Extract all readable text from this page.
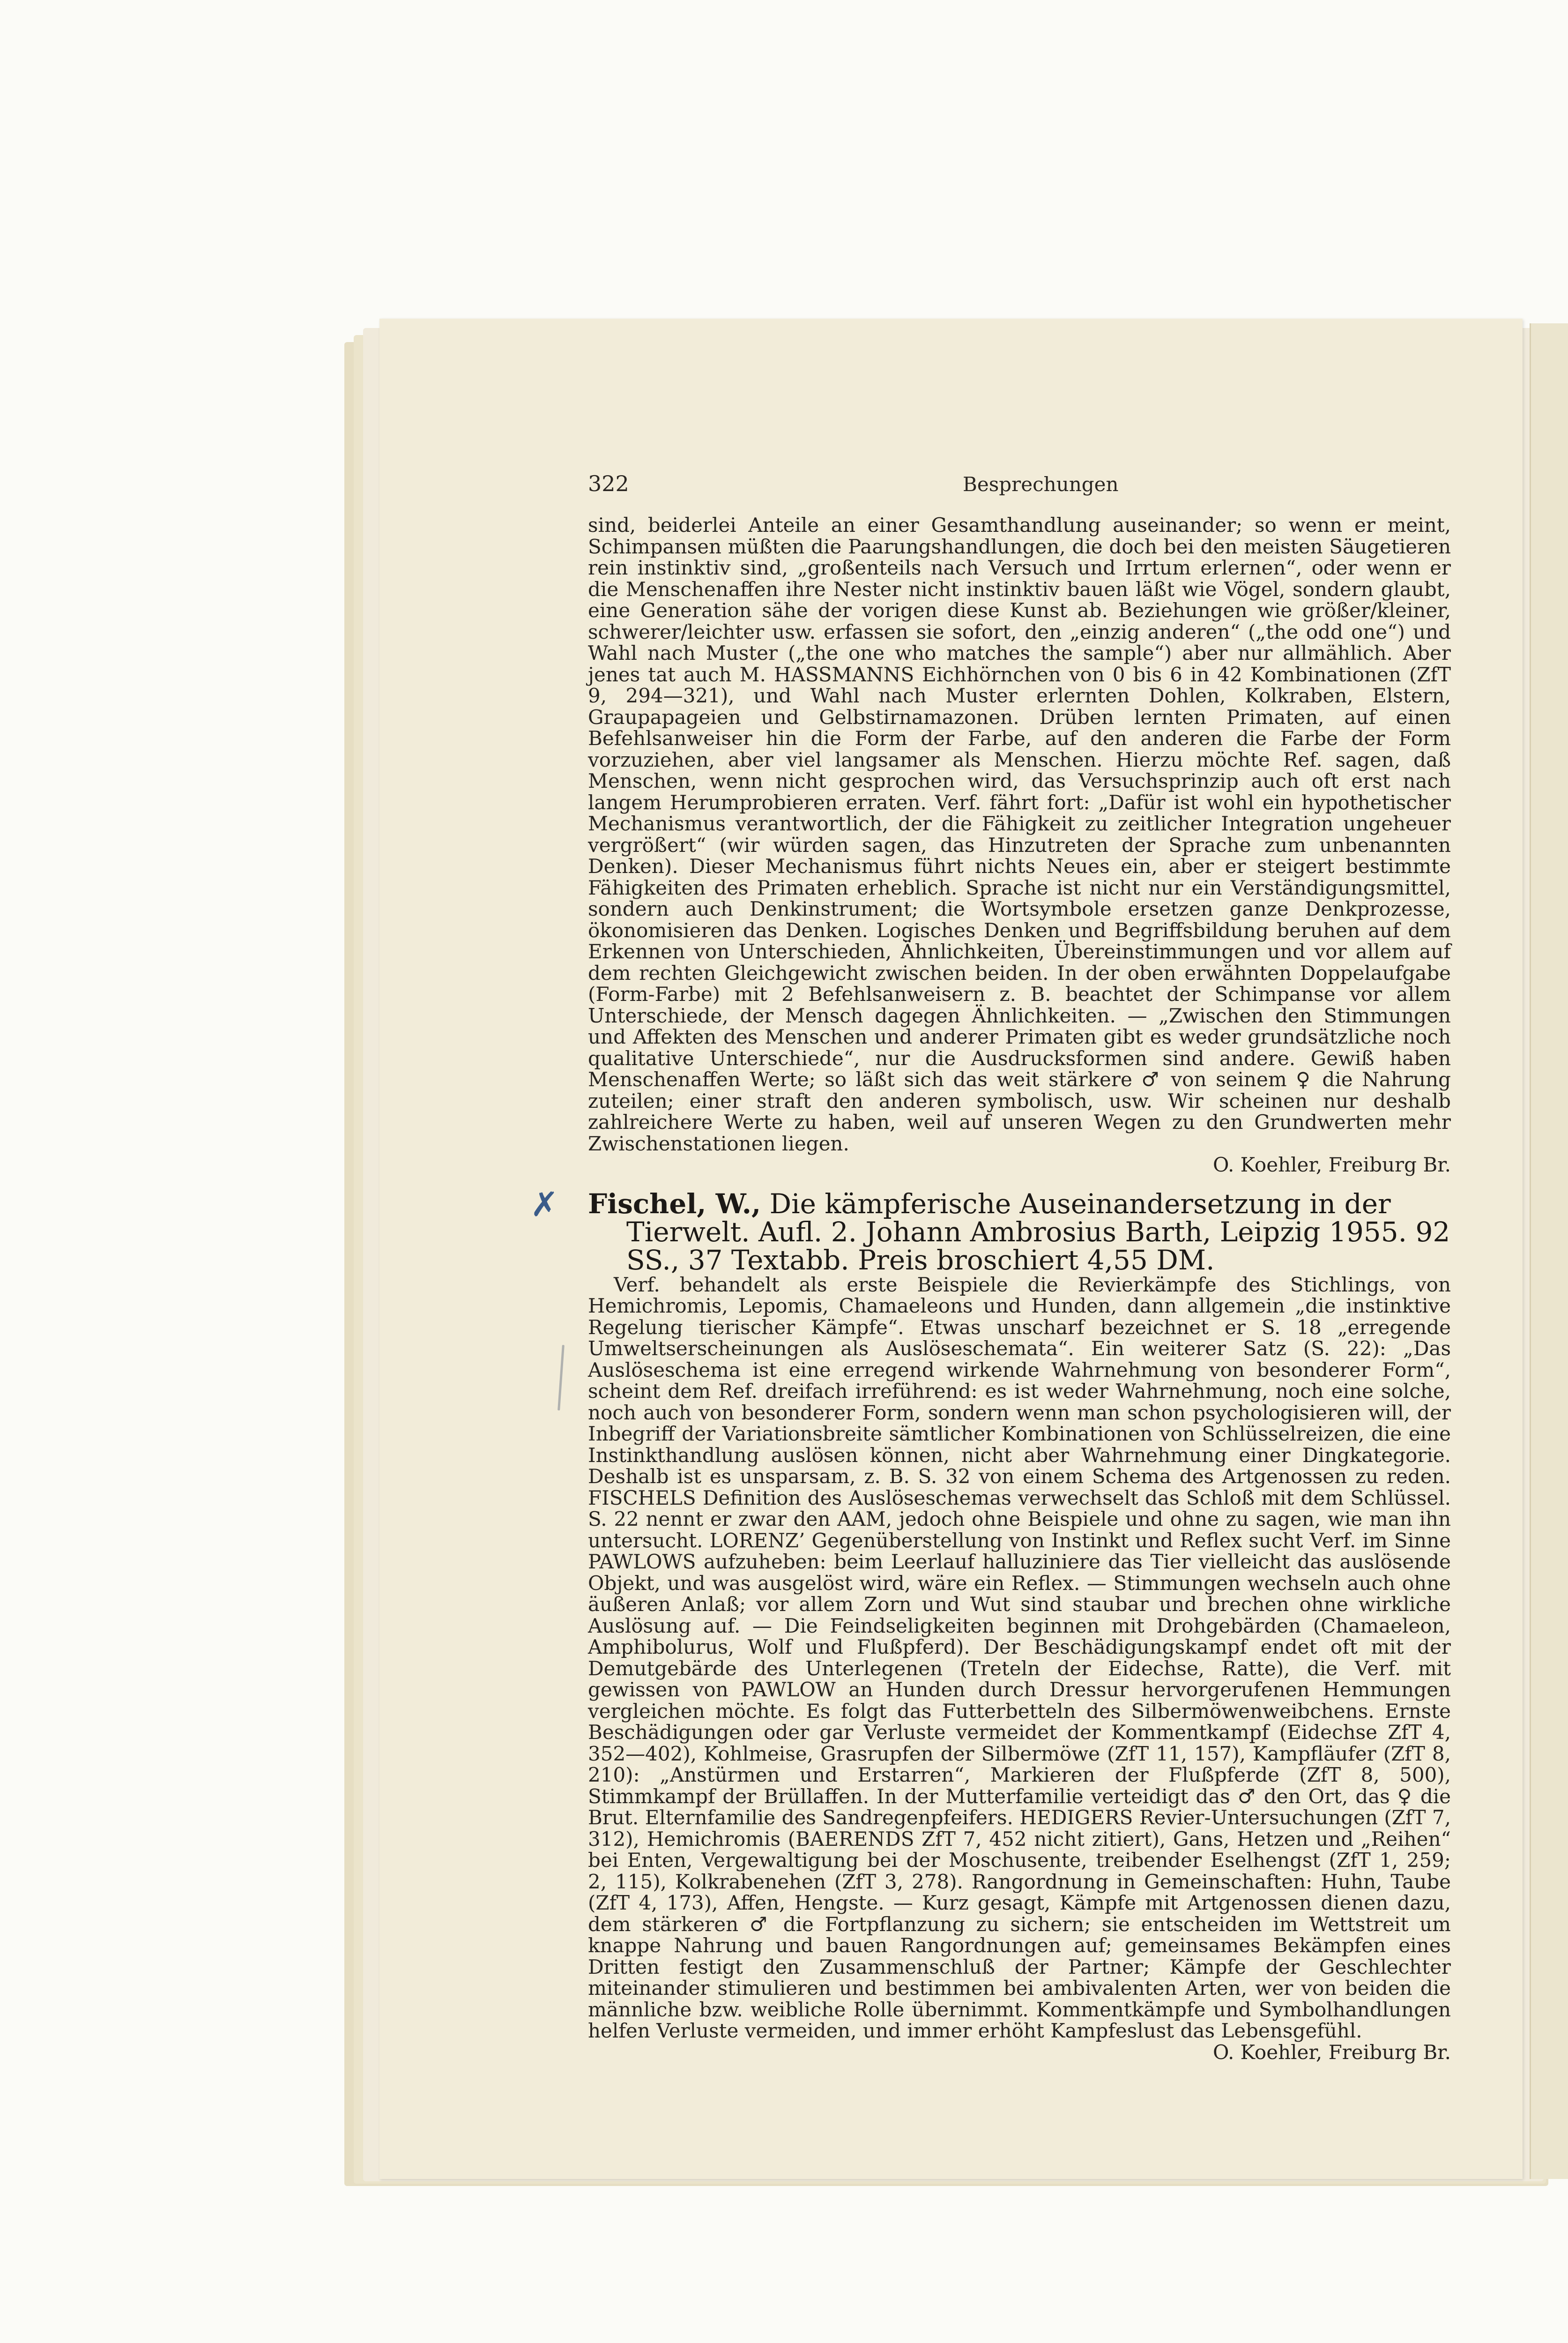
322	Besprechungen

sind, beiderlei Anteile an einer Gesamthandlung auseinander; so wenn er meint, Schimpansen müßten die Paarungshandlungen, die doch bei den meisten Säugetieren rein instinktiv sind, „großenteils nach Versuch und Irrtum erlernen“, oder wenn er die Menschenaffen ihre Nester nicht instinktiv bauen läßt wie Vögel, sondern glaubt, eine Generation sähe der vorigen diese Kunst ab. Beziehungen wie größer/kleiner, schwerer/leichter usw. erfassen sie sofort, den „einzig anderen“ („the odd one“) und Wahl nach Muster („the one who matches the sample“) aber nur allmählich. Aber jenes tat auch M. HASSMANNS Eichhörnchen von 0 bis 6 in 42 Kombinationen (ZfT 9, 294—321), und Wahl nach Muster erlernten Dohlen, Kolkraben, Elstern, Graupapageien und Gelbstirnamazonen. Drüben lernten Primaten, auf einen Befehlsanweiser hin die Form der Farbe, auf den anderen die Farbe der Form vorzuziehen, aber viel langsamer als Menschen. Hierzu möchte Ref. sagen, daß Menschen, wenn nicht gesprochen wird, das Versuchsprinzip auch oft erst nach langem Herumprobieren erraten. Verf. fährt fort: „Dafür ist wohl ein hypothetischer Mechanismus verantwortlich, der die Fähigkeit zu zeitlicher Integration ungeheuer vergrößert“ (wir würden sagen, das Hinzutreten der Sprache zum unbenannten Denken). Dieser Mechanismus führt nichts Neues ein, aber er steigert bestimmte Fähigkeiten des Primaten erheblich. Sprache ist nicht nur ein Verständigungsmittel, sondern auch Denkinstrument; die Wortsymbole ersetzen ganze Denkprozesse, ökonomisieren das Denken. Logisches Denken und Begriffsbildung beruhen auf dem Erkennen von Unterschieden, Ähnlichkeiten, Übereinstimmungen und vor allem auf dem rechten Gleichgewicht zwischen beiden. In der oben erwähnten Doppelaufgabe (Form-Farbe) mit 2 Befehlsanweisern z. B. beachtet der Schimpanse vor allem Unterschiede, der Mensch dagegen Ähnlichkeiten. — „Zwischen den Stimmungen und Affekten des Menschen und anderer Primaten gibt es weder grundsätzliche noch qualitative Unterschiede“, nur die Ausdrucksformen sind andere. Gewiß haben Menschenaffen Werte; so läßt sich das weit stärkere ♂ von seinem ♀ die Nahrung zuteilen; einer straft den anderen symbolisch, usw. Wir scheinen nur deshalb zahlreichere Werte zu haben, weil auf unseren Wegen zu den Grundwerten mehr Zwischenstationen liegen.

O. Koehler, Freiburg Br.

✗	Fischel, W., Die kämpferische Auseinandersetzung in der Tierwelt. Aufl. 2. Johann Ambrosius Barth, Leipzig 1955. 92 SS., 37 Textabb. Preis broschiert 4,55 DM.

Verf. behandelt als erste Beispiele die Revierkämpfe des Stichlings, von Hemichromis, Lepomis, Chamaeleons und Hunden, dann allgemein „die instinktive Regelung tierischer Kämpfe“. Etwas unscharf bezeichnet er S. 18 „erregende Umweltserscheinungen als Auslöseschemata“. Ein weiterer Satz (S. 22): „Das Auslöseschema ist eine erregend wirkende Wahrnehmung von besonderer Form“, scheint dem Ref. dreifach irreführend: es ist weder Wahrnehmung, noch eine solche, noch auch von besonderer Form, sondern wenn man schon psychologisieren will, der Inbegriff der Variationsbreite sämtlicher Kombinationen von Schlüsselreizen, die eine Instinkthandlung auslösen können, nicht aber Wahrnehmung einer Dingkategorie. Deshalb ist es unsparsam, z. B. S. 32 von einem Schema des Artgenossen zu reden. FISCHELS Definition des Auslöseschemas verwechselt das Schloß mit dem Schlüssel. S. 22 nennt er zwar den AAM, jedoch ohne Beispiele und ohne zu sagen, wie man ihn untersucht. LORENZ’ Gegenüberstellung von Instinkt und Reflex sucht Verf. im Sinne PAWLOWS aufzuheben: beim Leerlauf halluziniere das Tier vielleicht das auslösende Objekt, und was ausgelöst wird, wäre ein Reflex. — Stimmungen wechseln auch ohne äußeren Anlaß; vor allem Zorn und Wut sind staubar und brechen ohne wirkliche Auslösung auf. — Die Feindseligkeiten beginnen mit Drohgebärden (Chamaeleon, Amphibolurus, Wolf und Flußpferd). Der Beschädigungskampf endet oft mit der Demutgebärde des Unterlegenen (Treteln der Eidechse, Ratte), die Verf. mit gewissen von PAWLOW an Hunden durch Dressur hervorgerufenen Hemmungen vergleichen möchte. Es folgt das Futterbetteln des Silbermöwenweibchens. Ernste Beschädigungen oder gar Verluste vermeidet der Kommentkampf (Eidechse ZfT 4, 352—402), Kohlmeise, Grasrupfen der Silbermöwe (ZfT 11, 157), Kampfläufer (ZfT 8, 210): „Anstürmen und Erstarren“, Markieren der Flußpferde (ZfT 8, 500), Stimmkampf der Brüllaffen. In der Mutterfamilie verteidigt das ♂ den Ort, das ♀ die Brut. Elternfamilie des Sandregenpfeifers. HEDIGERS Revier-Untersuchungen (ZfT 7, 312), Hemichromis (BAERENDS ZfT 7, 452 nicht zitiert), Gans, Hetzen und „Reihen“ bei Enten, Vergewaltigung bei der Moschusente, treibender Eselhengst (ZfT 1, 259; 2, 115), Kolkrabenehen (ZfT 3, 278). Rangordnung in Gemeinschaften: Huhn, Taube (ZfT 4, 173), Affen, Hengste. — Kurz gesagt, Kämpfe mit Artgenossen dienen dazu, dem stärkeren ♂ die Fortpflanzung zu sichern; sie entscheiden im Wettstreit um knappe Nahrung und bauen Rangordnungen auf; gemeinsames Bekämpfen eines Dritten festigt den Zusammenschluß der Partner; Kämpfe der Geschlechter miteinander stimulieren und bestimmen bei ambivalenten Arten, wer von beiden die männliche bzw. weibliche Rolle übernimmt. Kommentkämpfe und Symbolhandlungen helfen Verluste vermeiden, und immer erhöht Kampfeslust das Lebensgefühl.

O. Koehler, Freiburg Br.
